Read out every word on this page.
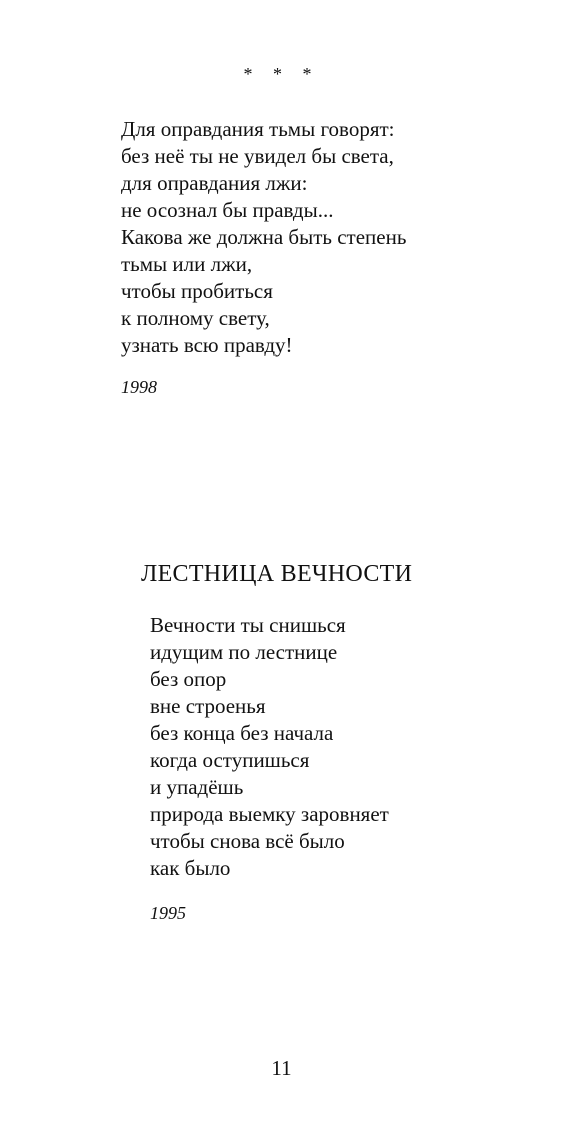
* * *
Для оправдания тьмы говорят:
без неё ты не увидел бы света,
для оправдания лжи:
не осознал бы правды...
Какова же должна быть степень
тьмы или лжи,
чтобы пробиться
к полному свету,
узнать всю правду!
1998
ЛЕСТНИЦА ВЕЧНОСТИ
Вечности ты снишься
идущим по лестнице
без опор
вне строенья
без конца без начала
когда оступишься
и упадёшь
природа выемку заровняет
чтобы снова всё было
как было
1995
11
